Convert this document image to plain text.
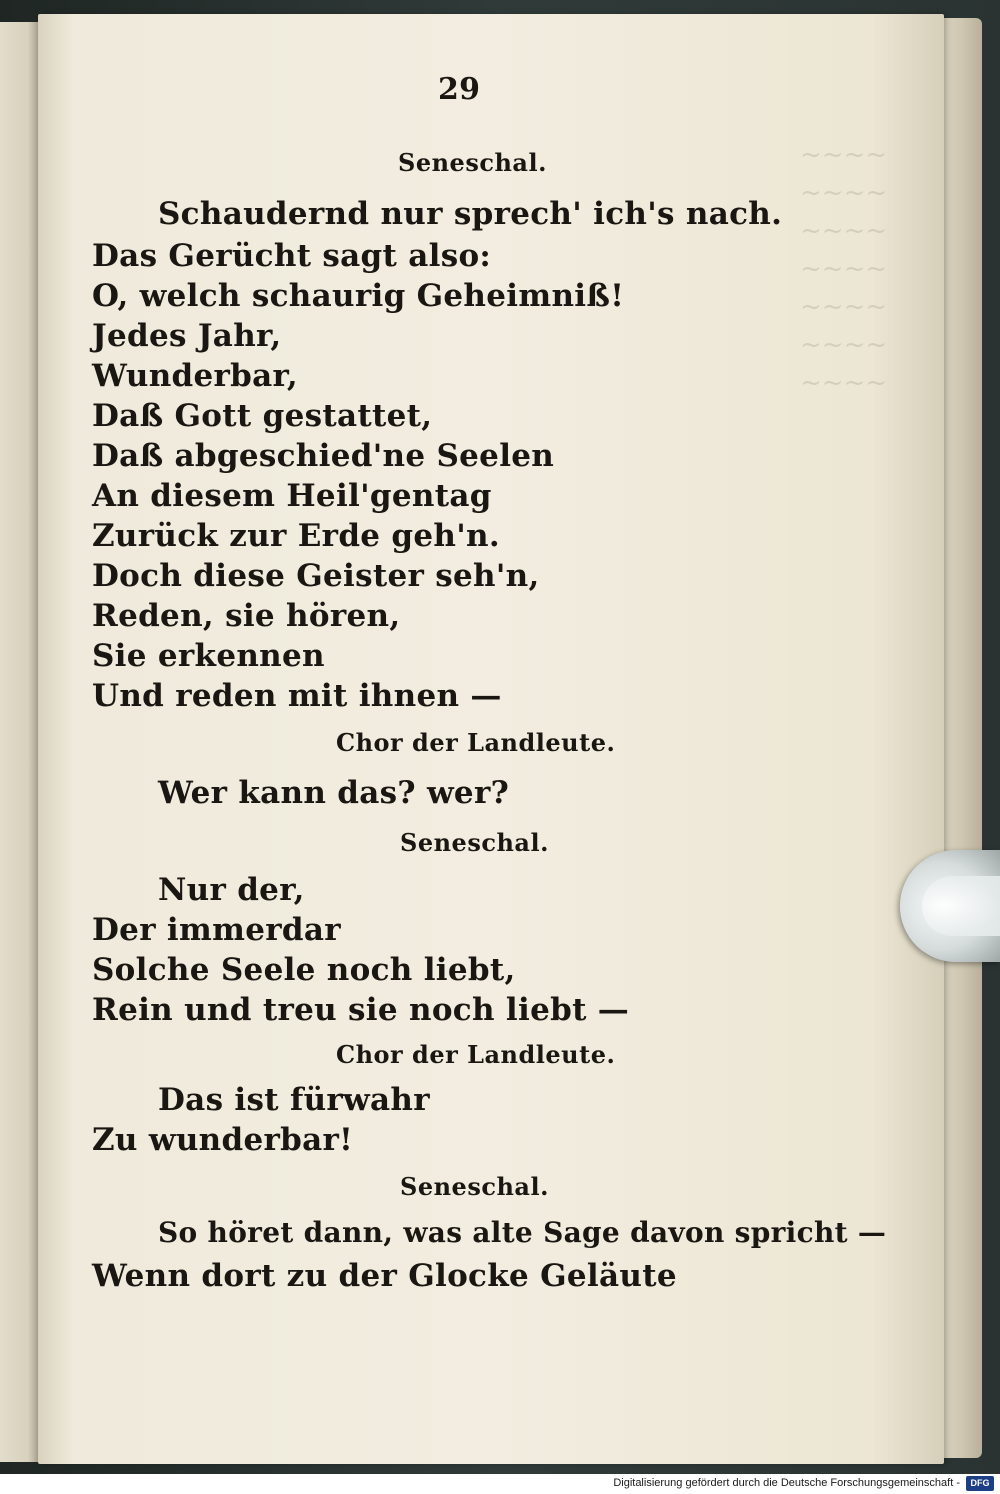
~~~~
~~~~
~~~~
~~~~
~~~~
~~~~
~~~~
29
Seneschal.
Schaudernd nur sprech' ich's nach.
Das Gerücht sagt also:
O, welch schaurig Geheimniß!
Jedes Jahr,
Wunderbar,
Daß Gott gestattet,
Daß abgeschied'ne Seelen
An diesem Heil'gentag
Zurück zur Erde geh'n.
Doch diese Geister seh'n,
Reden, sie hören,
Sie erkennen
Und reden mit ihnen —
Chor der Landleute.
Wer kann das? wer?
Seneschal.
Nur der,
Der immerdar
Solche Seele noch liebt,
Rein und treu sie noch liebt —
Chor der Landleute.
Das ist fürwahr
Zu wunderbar!
Seneschal.
So höret dann, was alte Sage davon spricht —
Wenn dort zu der Glocke Geläute
Digitalisierung gefördert durch die Deutsche Forschungsgemeinschaft -	DFG
